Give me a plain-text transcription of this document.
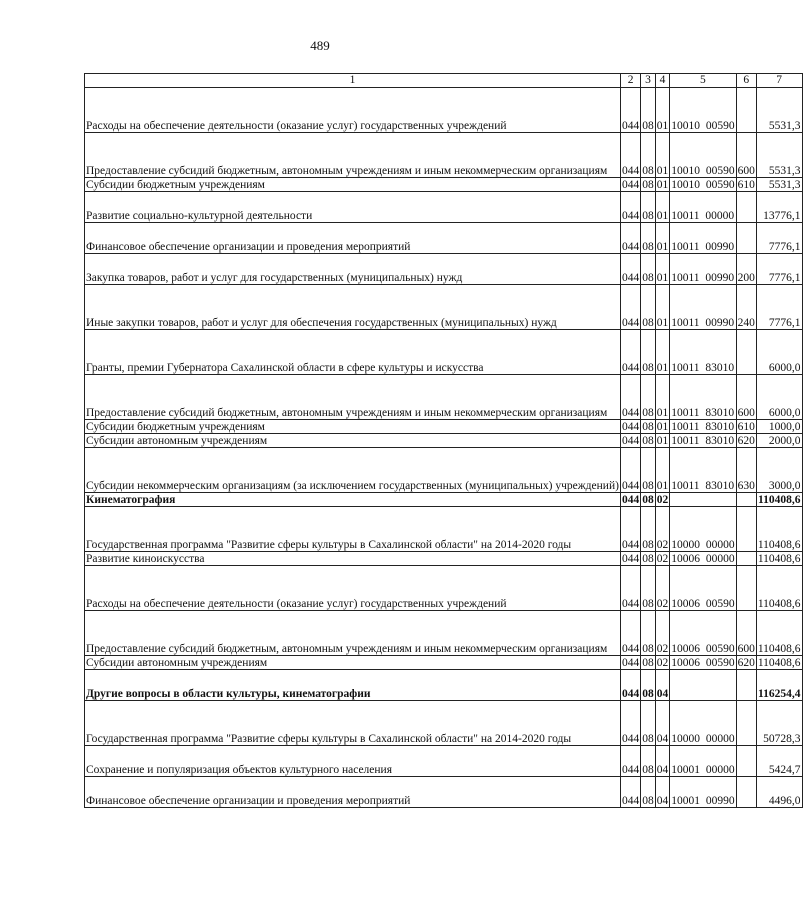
489
1	2	3	4	5	6	7
Расходы на обеспечение деятельности (оказание услуг) государственных учреждений	044	08	01	10010 00590		5531,3
Предоставление субсидий бюджетным, автономным учреждениям и иным некоммерческим организациям	044	08	01	10010 00590	600	5531,3
Субсидии бюджетным учреждениям	044	08	01	10010 00590	610	5531,3
Развитие социально-культурной деятельности	044	08	01	10011 00000		13776,1
Финансовое обеспечение организации и проведения мероприятий	044	08	01	10011 00990		7776,1
Закупка товаров, работ и услуг для государственных (муниципальных) нужд	044	08	01	10011 00990	200	7776,1
Иные закупки товаров, работ и услуг для обеспечения государственных (муниципальных) нужд	044	08	01	10011 00990	240	7776,1
Гранты, премии Губернатора Сахалинской области в сфере культуры и искусства	044	08	01	10011 83010		6000,0
Предоставление субсидий бюджетным, автономным учреждениям и иным некоммерческим организациям	044	08	01	10011 83010	600	6000,0
Субсидии бюджетным учреждениям	044	08	01	10011 83010	610	1000,0
Субсидии автономным учреждениям	044	08	01	10011 83010	620	2000,0
Субсидии некоммерческим организациям (за исключением государственных (муниципальных) учреждений)	044	08	01	10011 83010	630	3000,0
Кинематография	044	08	02			110408,6
Государственная программа "Развитие сферы культуры в Сахалинской области" на 2014-2020 годы	044	08	02	10000 00000		110408,6
Развитие киноискусства	044	08	02	10006 00000		110408,6
Расходы на обеспечение деятельности (оказание услуг) государственных учреждений	044	08	02	10006 00590		110408,6
Предоставление субсидий бюджетным, автономным учреждениям и иным некоммерческим организациям	044	08	02	10006 00590	600	110408,6
Субсидии автономным учреждениям	044	08	02	10006 00590	620	110408,6
Другие вопросы в области культуры, кинематографии	044	08	04			116254,4
Государственная программа "Развитие сферы культуры в Сахалинской области" на 2014-2020 годы	044	08	04	10000 00000		50728,3
Сохранение и популяризация объектов культурного населения	044	08	04	10001 00000		5424,7
Финансовое обеспечение организации и проведения мероприятий	044	08	04	10001 00990		4496,0
